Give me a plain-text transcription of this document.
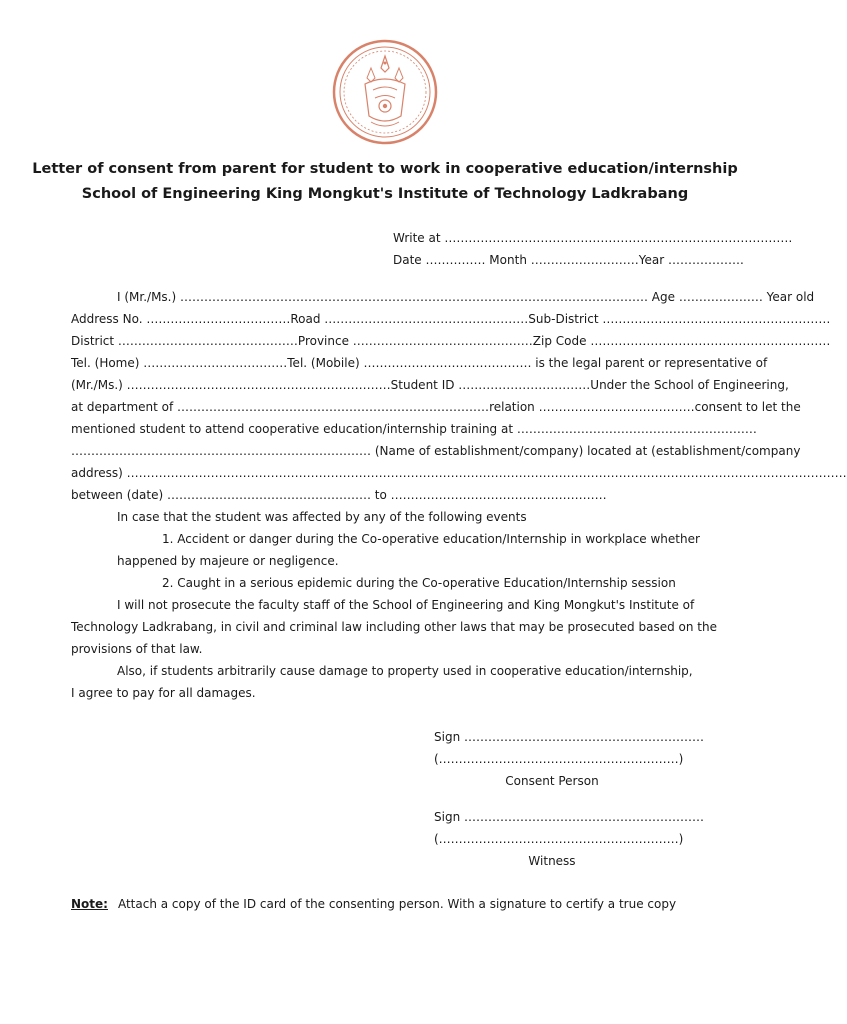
Letter of consent from parent for student to work in cooperative education/internship
School of Engineering King Mongkut's Institute of Technology Ladkrabang
Write at ……………………………………………………………………………
Date …………… Month ………………………Year ……………….
I (Mr./Ms.) ……………………………………………………………………………………………………… Age ………………… Year old
Address No. ……………………………… Road …………………………………………… Sub-District …………………………………………………
District ……………………………………… Province ……………………………………… Zip Code ……………………………………………………
Tel. (Home) ……………………………… Tel. (Mobile) …………………………………… is the legal parent or representative of
(Mr./Ms.) ………………………………………………………… Student ID …………………………… Under the School of Engineering,
at department of …………………………………………………………………… relation ………………………………… consent to let the
mentioned student to attend cooperative education/internship training at ……………………………………………………
………………………………………………………………… (Name of establishment/company) located at (establishment/company
address) ………………………………………………………………………………………………………………………………………………………………
between (date) …………………………………………… to ………………………………………………
In case that the student was affected by any of the following events
1. Accident or danger during the Co-operative education/Internship in workplace whether
happened by majeure or negligence.
2. Caught in a serious epidemic during the Co-operative Education/Internship session
I will not prosecute the faculty staff of the School of Engineering and King Mongkut's Institute of
Technology Ladkrabang, in civil and criminal law including other laws that may be prosecuted based on the
provisions of that law.
Also, if students arbitrarily cause damage to property used in cooperative education/internship,
I agree to pay for all damages.
Sign ……………………………………………………
(……………………………………………………)
Consent Person
Sign ……………………………………………………
(……………………………………………………)
Witness
Note: Attach a copy of the ID card of the consenting person. With a signature to certify a true copy
